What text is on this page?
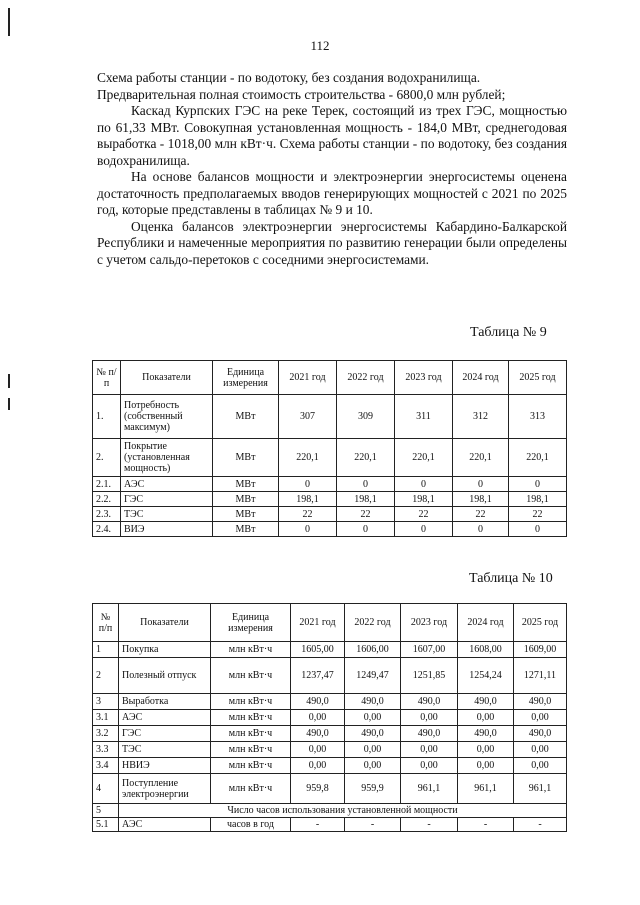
112

Схема работы станции - по водотоку, без создания водохранилища.

Предварительная полная стоимость строительства - 6800,0 млн рублей;

Каскад Курпских ГЭС на реке Терек, состоящий из трех ГЭС, мощностью по 61,33 МВт. Совокупная установленная мощность - 184,0 МВт, среднегодовая выработка - 1018,00 млн кВт·ч. Схема работы станции - по водотоку, без создания водохранилища.

На основе балансов мощности и электроэнергии энергосистемы оценена достаточность предполагаемых вводов генерирующих мощностей с 2021 по 2025 год, которые представлены в таблицах № 9 и 10.

Оценка балансов электроэнергии энергосистемы Кабардино-Балкарской Республики и намеченные мероприятия по развитию генерации были определены с учетом сальдо-перетоков с соседними энергосистемами.

Таблица № 9
№ п/п	Показатели	Единица измерения	2021 год	2022 год	2023 год	2024 год	2025 год
1.	Потребность (собственный максимум)	МВт	307	309	311	312	313
2.	Покрытие (установленная мощность)	МВт	220,1	220,1	220,1	220,1	220,1
2.1.	АЭС	МВт	0	0	0	0	0
2.2.	ГЭС	МВт	198,1	198,1	198,1	198,1	198,1
2.3.	ТЭС	МВт	22	22	22	22	22
2.4.	ВИЭ	МВт	0	0	0	0	0
Таблица № 10
№ п/п	Показатели	Единица измерения	2021 год	2022 год	2023 год	2024 год	2025 год
1	Покупка	млн кВт·ч	1605,00	1606,00	1607,00	1608,00	1609,00
2	Полезный отпуск	млн кВт·ч	1237,47	1249,47	1251,85	1254,24	1271,11
3	Выработка	млн кВт·ч	490,0	490,0	490,0	490,0	490,0
3.1	АЭС	млн кВт·ч	0,00	0,00	0,00	0,00	0,00
3.2	ГЭС	млн кВт·ч	490,0	490,0	490,0	490,0	490,0
3.3	ТЭС	млн кВт·ч	0,00	0,00	0,00	0,00	0,00
3.4	НВИЭ	млн кВт·ч	0,00	0,00	0,00	0,00	0,00
4	Поступление электроэнергии	млн кВт·ч	959,8	959,9	961,1	961,1	961,1
5	Число часов использования установленной мощности						
5.1	АЭС	часов в год	-	-	-	-	-
